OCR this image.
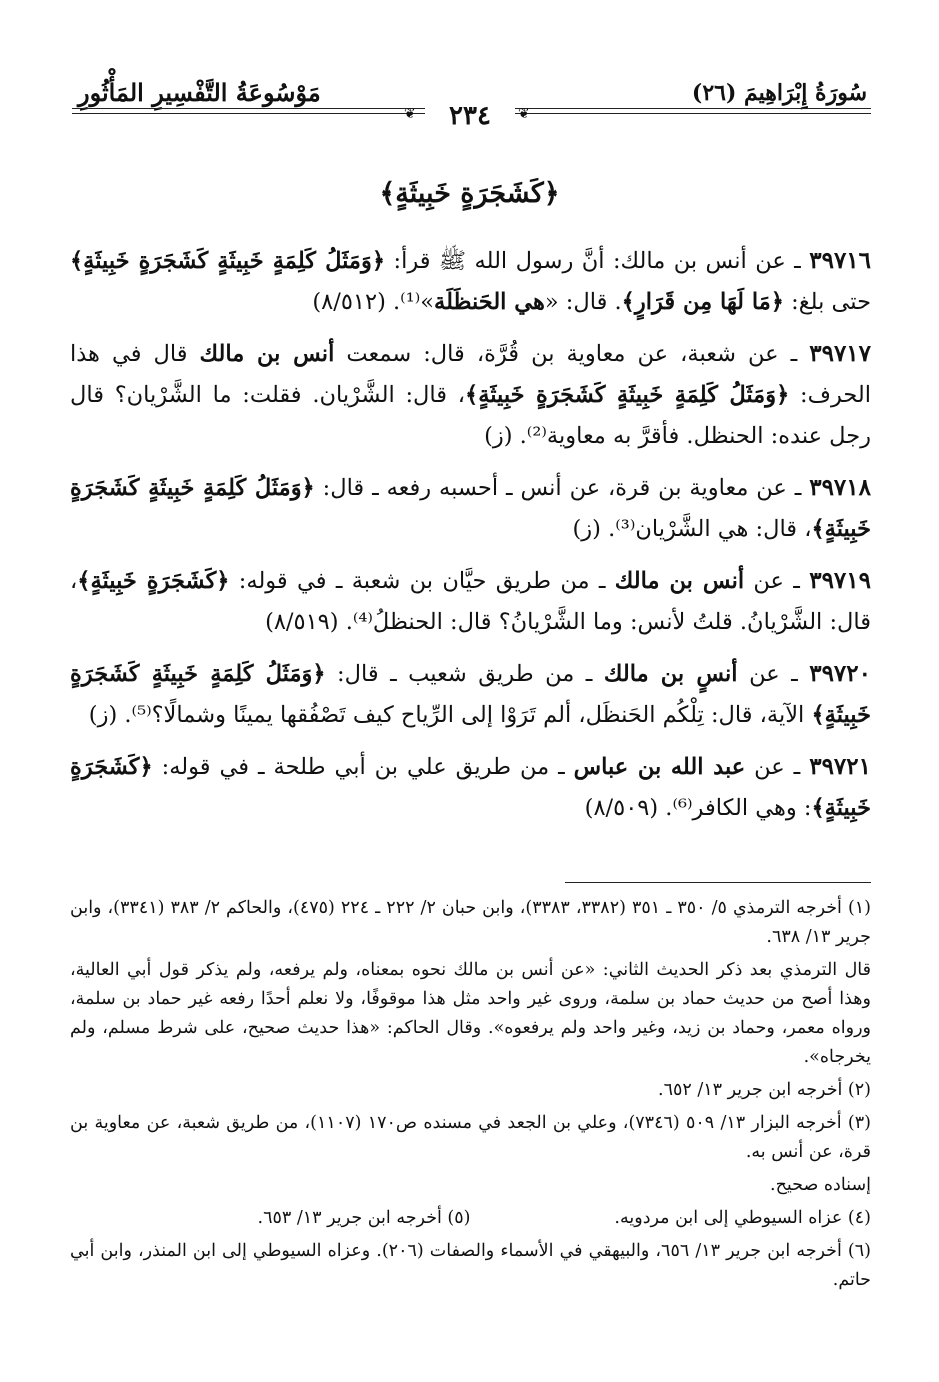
سُورَةُ إِبْرَاهِيمَ (٢٦)
مَوْسُوعَةُ التَّفْسِيرِ المَأْثُورِ
❦	❦
٢٣٤
﴿كَشَجَرَةٍ خَبِيثَةٍ﴾

٣٩٧١٦ ـ عن أنس بن مالك: أنَّ رسول الله ﷺ قرأ: ﴿وَمَثَلُ كَلِمَةٍ خَبِيثَةٍ كَشَجَرَةٍ خَبِيثَةٍ﴾ حتى بلغ: ﴿مَا لَهَا مِن قَرَارٍ﴾. قال: «هي الحَنظَلَة»⁽¹⁾. (٨/٥١٢)

٣٩٧١٧ ـ عن شعبة، عن معاوية بن قُرَّة، قال: سمعت أنس بن مالك قال في هذا الحرف: ﴿وَمَثَلُ كَلِمَةٍ خَبِيثَةٍ كَشَجَرَةٍ خَبِيثَةٍ﴾، قال: الشَّرْيان. فقلت: ما الشَّرْيان؟ قال رجل عنده: الحنظل. فأقرَّ به معاوية⁽²⁾. (ز)

٣٩٧١٨ ـ عن معاوية بن قرة، عن أنس ـ أحسبه رفعه ـ قال: ﴿وَمَثَلُ كَلِمَةٍ خَبِيثَةٍ كَشَجَرَةٍ خَبِيثَةٍ﴾، قال: هي الشَّرْيان⁽³⁾. (ز)

٣٩٧١٩ ـ عن أنس بن مالك ـ من طريق حيَّان بن شعبة ـ في قوله: ﴿كَشَجَرَةٍ خَبِيثَةٍ﴾، قال: الشَّرْيانُ. قلتُ لأنس: وما الشَّرْيانُ؟ قال: الحنظلُ⁽⁴⁾. (٨/٥١٩)

٣٩٧٢٠ ـ عن أنسٍ بن مالك ـ من طريق شعيب ـ قال: ﴿وَمَثَلُ كَلِمَةٍ خَبِيثَةٍ كَشَجَرَةٍ خَبِيثَةٍ﴾ الآية، قال: تِلْكُم الحَنظَل، ألم تَرَوْا إلى الرِّياح كيف تَصْفُقها يمينًا وشمالًا؟⁽⁵⁾. (ز)

٣٩٧٢١ ـ عن عبد الله بن عباس ـ من طريق علي بن أبي طلحة ـ في قوله: ﴿كَشَجَرَةٍ خَبِيثَةٍ﴾: وهي الكافر⁽⁶⁾. (٨/٥٠٩)

(١) أخرجه الترمذي ٥/ ٣٥٠ ـ ٣٥١ (٣٣٨٢، ٣٣٨٣)، وابن حبان ٢/ ٢٢٢ ـ ٢٢٤ (٤٧٥)، والحاكم ٢/ ٣٨٣ (٣٣٤١)، وابن جرير ١٣/ ٦٣٨.

قال الترمذي بعد ذكر الحديث الثاني: «عن أنس بن مالك نحوه بمعناه، ولم يرفعه، ولم يذكر قول أبي العالية، وهذا أصح من حديث حماد بن سلمة، وروى غير واحد مثل هذا موقوفًا، ولا نعلم أحدًا رفعه غير حماد بن سلمة، ورواه معمر، وحماد بن زيد، وغير واحد ولم يرفعوه». وقال الحاكم: «هذا حديث صحيح، على شرط مسلم، ولم يخرجاه».

(٢) أخرجه ابن جرير ١٣/ ٦٥٢.

(٣) أخرجه البزار ١٣/ ٥٠٩ (٧٣٤٦)، وعلي بن الجعد في مسنده ص١٧٠ (١١٠٧)، من طريق شعبة، عن معاوية بن قرة، عن أنس به.

إسناده صحيح.

(٤) عزاه السيوطي إلى ابن مردويه.
(٥) أخرجه ابن جرير ١٣/ ٦٥٣.

(٦) أخرجه ابن جرير ١٣/ ٦٥٦، والبيهقي في الأسماء والصفات (٢٠٦). وعزاه السيوطي إلى ابن المنذر، وابن أبي حاتم.
